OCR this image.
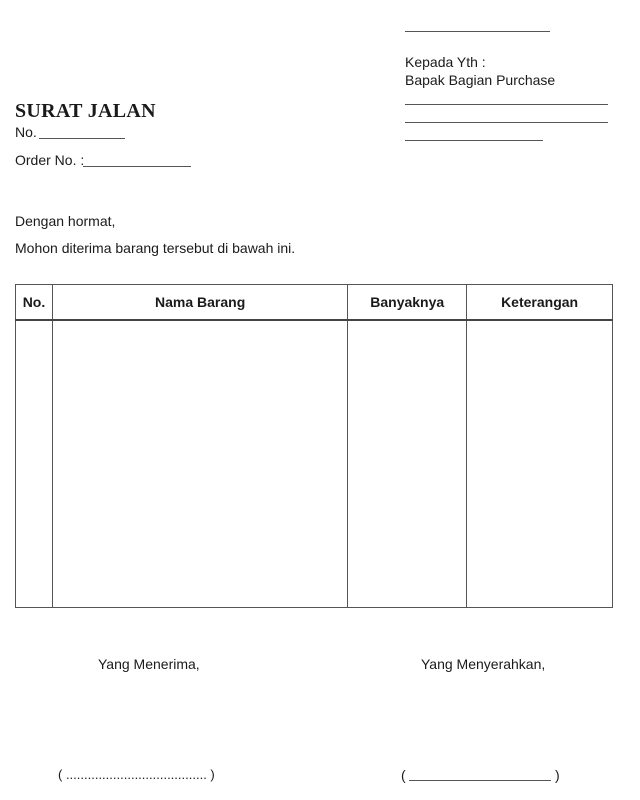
Kepada Yth :
Bapak Bagian Purchase
SURAT JALAN
No.
Order No. :
Dengan hormat,
Mohon diterima barang tersebut di bawah ini.
No.	Nama Barang	Banyaknya	Keterangan

Yang Menerima,
( ....................................... )
Yang Menyerahkan,
(	)
